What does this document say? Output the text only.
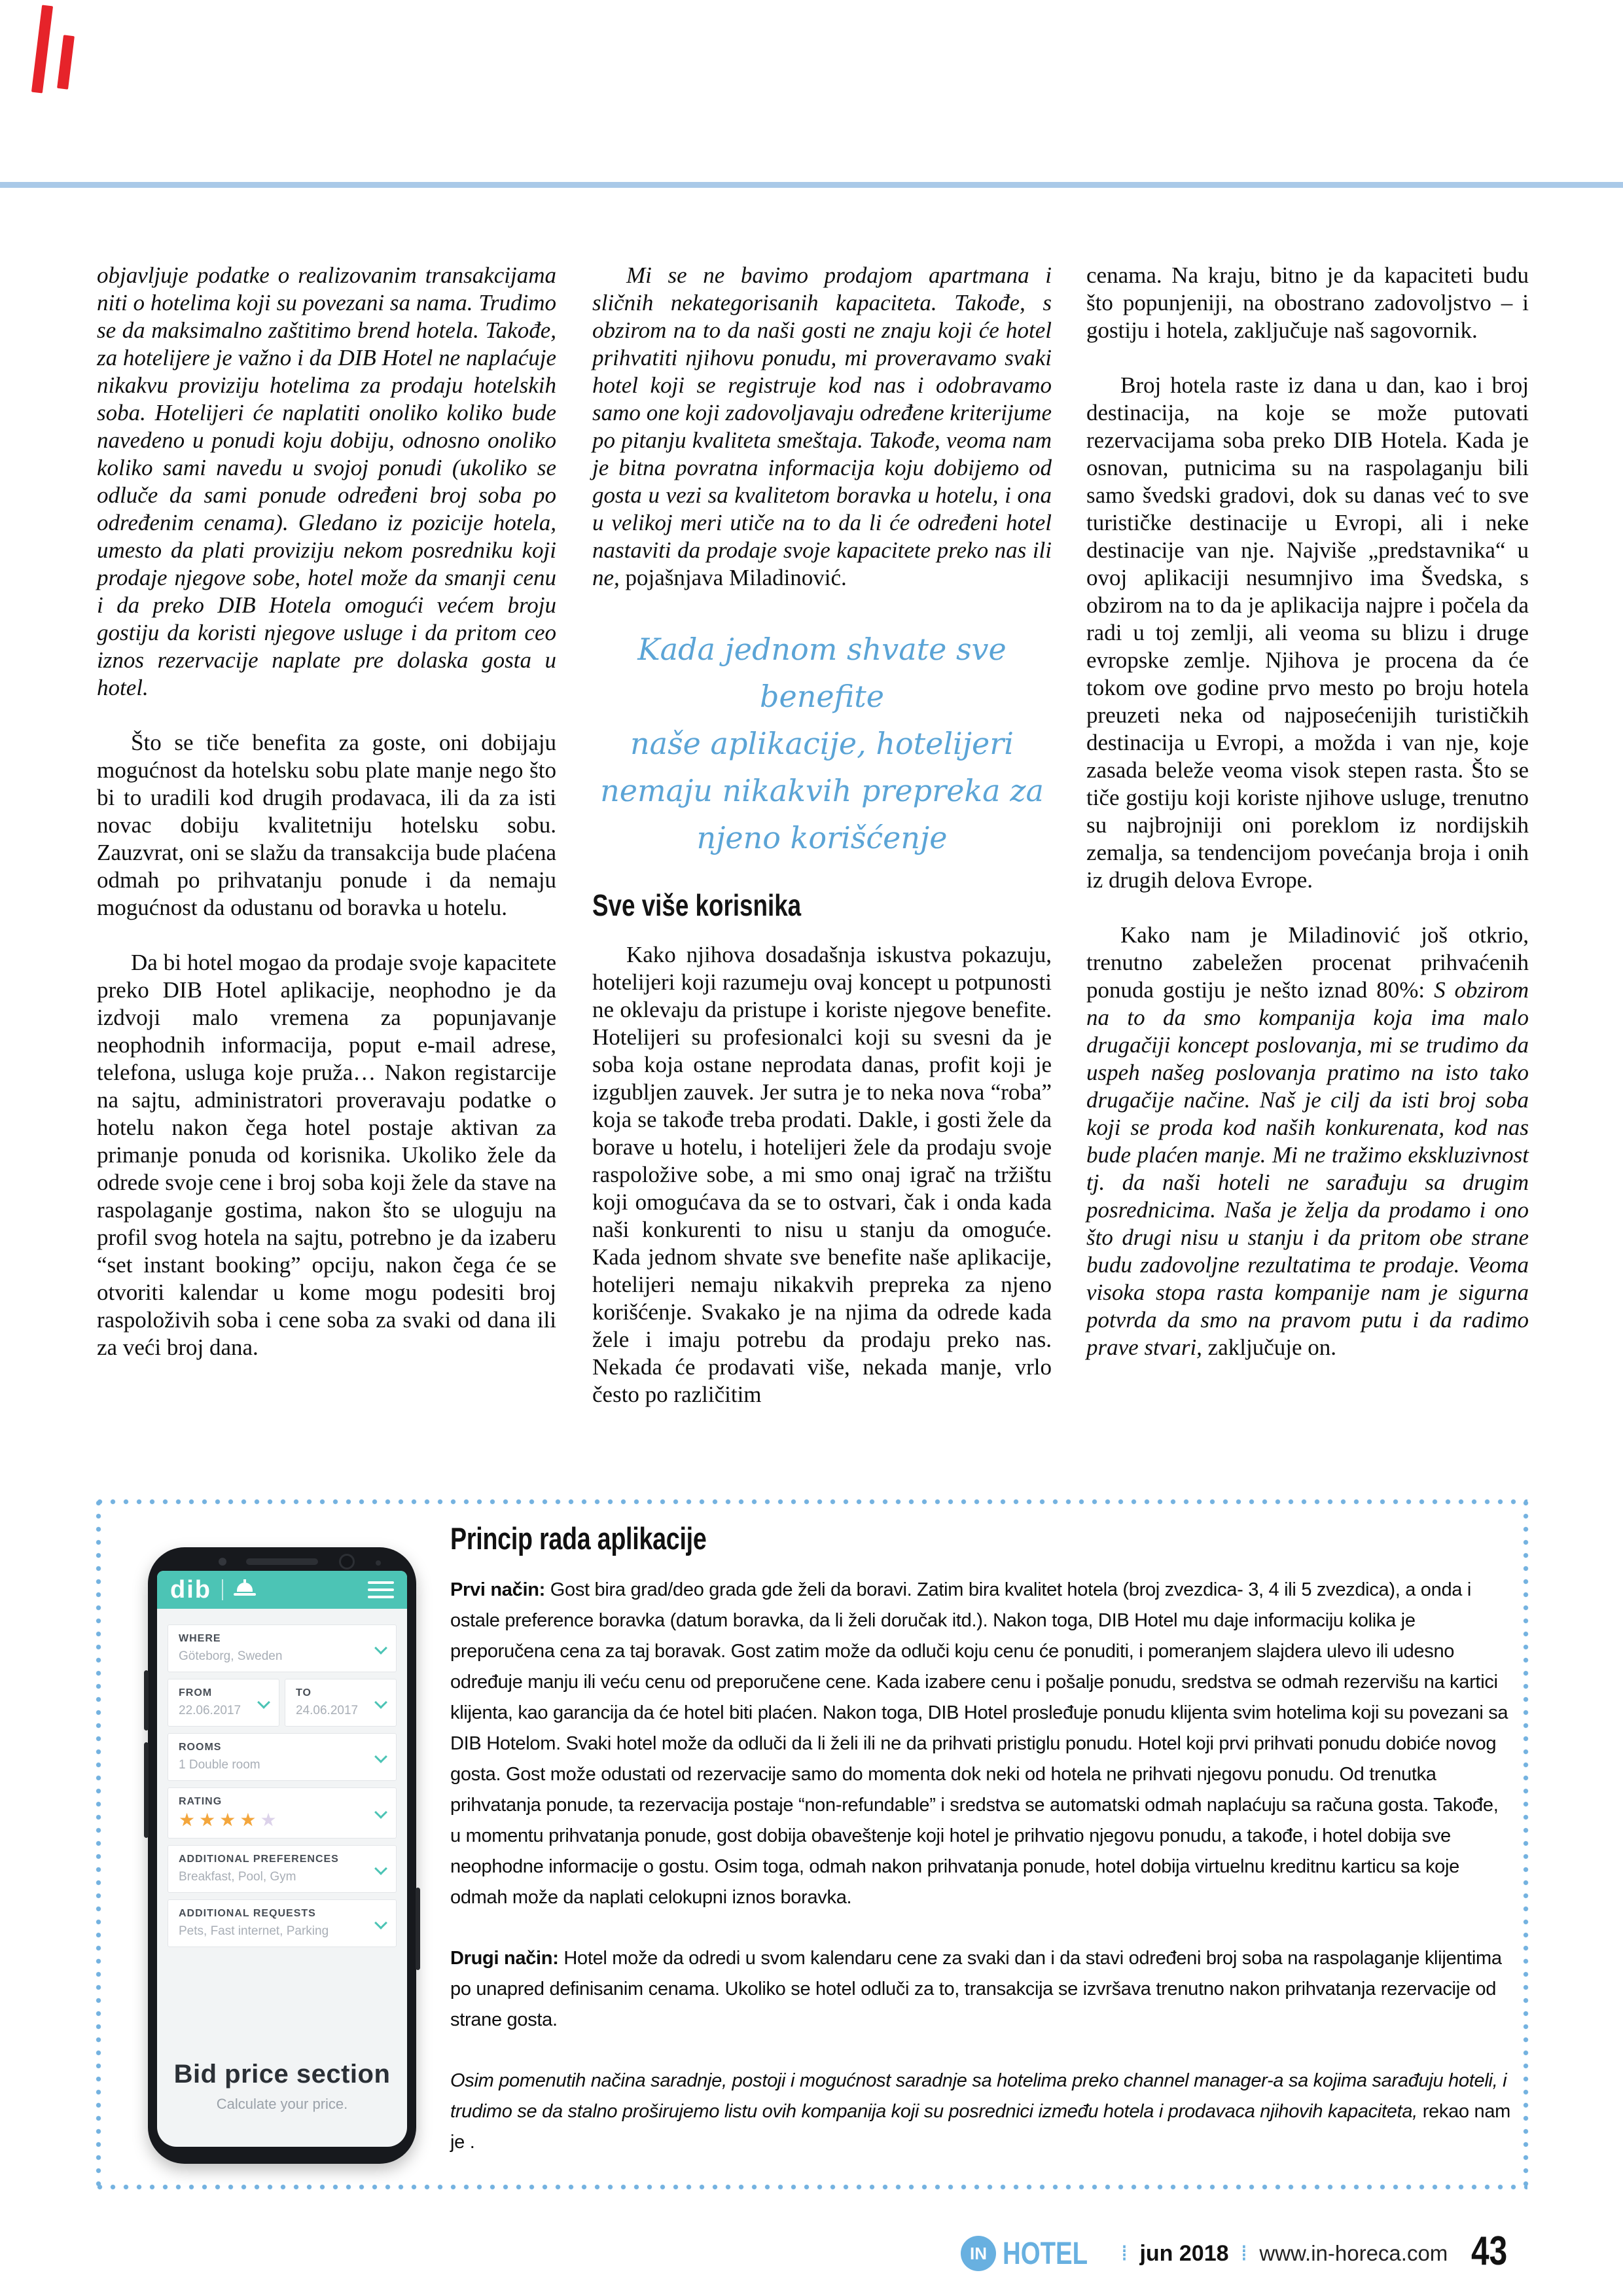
objavljuje podatke o realizovanim transakcijama niti o hotelima koji su povezani sa nama. Trudimo se da maksimalno zaštitimo brend hotela. Takođe, za hotelijere je važno i da DIB Hotel ne naplaćuje nikakvu proviziju hotelima za prodaju hotelskih soba. Hotelijeri će naplatiti onoliko koliko bude navedeno u ponudi koju dobiju, odnosno onoliko koliko sami navedu u svojoj ponudi (ukoliko se odluče da sami ponude određeni broj soba po određenim cenama). Gledano iz pozicije hotela, umesto da plati proviziju nekom posredniku koji prodaje njegove sobe, hotel može da smanji cenu i da preko DIB Hotela omogući većem broju gostiju da koristi njegove usluge i da pritom ceo iznos rezervacije naplate pre dolaska gosta u hotel.

Što se tiče benefita za goste, oni dobijaju mogućnost da hotelsku sobu plate manje nego što bi to uradili kod drugih prodavaca, ili da za isti novac dobiju kvalitetniju hotelsku sobu. Zauzvrat, oni se slažu da transakcija bude plaćena odmah po prihvatanju ponude i da nemaju mogućnost da odustanu od boravka u hotelu.

Da bi hotel mogao da prodaje svoje kapacitete preko DIB Hotel aplikacije, neophodno je da izdvoji malo vremena za popunjavanje neophodnih informacija, poput e-mail adrese, telefona, usluga koje pruža… Nakon registarcije na sajtu, administratori proveravaju podatke o hotelu nakon čega hotel postaje aktivan za primanje ponuda od korisnika. Ukoliko žele da odrede svoje cene i broj soba koji žele da stave na raspolaganje gostima, nakon što se uloguju na profil svog hotela na sajtu, potrebno je da izaberu “set instant booking” opciju, nakon čega će se otvoriti kalendar u kome mogu podesiti broj raspoloživih soba i cene soba za svaki od dana ili za veći broj dana.

Mi se ne bavimo prodajom apartmana i sličnih nekategorisanih kapaciteta. Takođe, s obzirom na to da naši gosti ne znaju koji će hotel prihvatiti njihovu ponudu, mi proveravamo svaki hotel koji se registruje kod nas i odobravamo samo one koji zadovoljavaju određene kriterijume po pitanju kvaliteta smeštaja. Takođe, veoma nam je bitna povratna informacija koju dobijemo od gosta u vezi sa kvalitetom boravka u hotelu, i ona u velikoj meri utiče na to da li će određeni hotel nastaviti da prodaje svoje kapacitete preko nas ili ne, pojašnjava Miladinović.

Kada jednom shvate sve benefite
naše aplikacije, hotelijeri
nemaju nikakvih prepreka za
njeno korišćenje
Sve više korisnika

Kako njihova dosadašnja iskustva pokazuju, hotelijeri koji razumeju ovaj koncept u potpunosti ne oklevaju da pristupe i koriste njegove benefite. Hotelijeri su profesionalci koji su svesni da je soba koja ostane neprodata danas, profit koji je izgubljen zauvek. Jer sutra je to neka nova “roba” koja se takođe treba prodati. Dakle, i gosti žele da borave u hotelu, i hotelijeri žele da prodaju svoje raspoložive sobe, a mi smo onaj igrač na tržištu koji omogućava da se to ostvari, čak i onda kada naši konkurenti to nisu u stanju da omoguće. Kada jednom shvate sve benefite naše aplikacije, hotelijeri nemaju nikakvih prepreka za njeno korišćenje. Svakako je na njima da odrede kada žele i imaju potrebu da prodaju preko nas. Nekada će prodavati više, nekada manje, vrlo često po različitim

cenama. Na kraju, bitno je da kapaciteti budu što popunjeniji, na obostrano zadovoljstvo – i gostiju i hotela, zaključuje naš sagovornik.

Broj hotela raste iz dana u dan, kao i broj destinacija, na koje se može putovati rezervacijama soba preko DIB Hotela. Kada je osnovan, putnicima su na raspolaganju bili samo švedski gradovi, dok su danas već to sve turističke destinacije u Evropi, ali i neke destinacije van nje. Najviše „predstavnika“ u ovoj aplikaciji nesumnjivo ima Švedska, s obzirom na to da je aplikacija najpre i počela da radi u toj zemlji, ali veoma su blizu i druge evropske zemlje. Njihova je procena da će tokom ove godine prvo mesto po broju hotela preuzeti neka od najposećenijih turističkih destinacija u Evropi, a možda i van nje, koje zasada beleže veoma visok stepen rasta. Što se tiče gostiju koji koriste njihove usluge, trenutno su najbrojniji oni poreklom iz nordijskih zemalja, sa tendencijom povećanja broja i onih iz drugih delova Evrope.

Kako nam je Miladinović još otkrio, trenutno zabeležen procenat prihvaćenih ponuda gostiju je nešto iznad 80%: S obzirom na to da smo kompanija koja ima malo drugačiji koncept poslovanja, mi se trudimo da uspeh našeg poslovanja pratimo na isto tako drugačije načine. Naš je cilj da isti broj soba koji se proda kod naših konkurenata, kod nas bude plaćen manje. Mi ne tražimo ekskluzivnost tj. da naši hoteli ne sarađuju sa drugim posrednicima. Naša je želja da prodamo i ono što drugi nisu u stanju i da pritom obe strane budu zadovoljne rezultatima te prodaje. Veoma visoka stopa rasta kompanije nam je sigurna potvrda da smo na pravom putu i da radimo prave stvari, zaključuje on.

dib
WHERE
Göteborg, Sweden
FROM
22.06.2017
TO
24.06.2017
ROOMS
1 Double room
RATING
★★★★★
ADDITIONAL PREFERENCES
Breakfast, Pool, Gym
ADDITIONAL REQUESTS
Pets, Fast internet, Parking
Bid price section
Calculate your price.
Princip rada aplikacije

Prvi način: Gost bira grad/deo grada gde želi da boravi. Zatim bira kvalitet hotela (broj zvezdica- 3, 4 ili 5 zvezdica), a onda i ostale preference boravka (datum boravka, da li želi doručak itd.). Nakon toga, DIB Hotel mu daje informaciju kolika je preporučena cena za taj boravak. Gost zatim može da odluči koju cenu će ponuditi, i pomeranjem slajdera ulevo ili udesno određuje manju ili veću cenu od preporučene cene. Kada izabere cenu i pošalje ponudu, sredstva se odmah rezervišu na kartici klijenta, kao garancija da će hotel biti plaćen. Nakon toga, DIB Hotel prosleđuje ponudu klijenta svim hotelima koji su povezani sa DIB Hotelom. Svaki hotel može da odluči da li želi ili ne da prihvati pristiglu ponudu. Hotel koji prvi prihvati ponudu dobiće novog gosta. Gost može odustati od rezervacije samo do momenta dok neki od hotela ne prihvati njegovu ponudu. Od trenutka prihvatanja ponude, ta rezervacija postaje “non-refundable” i sredstva se automatski odmah naplaćuju sa računa gosta. Takođe, u momentu prihvatanja ponude, gost dobija obaveštenje koji hotel je prihvatio njegovu ponudu, a takođe, i hotel dobija sve neophodne informacije o gostu. Osim toga, odmah nakon prihvatanja ponude, hotel dobija virtuelnu kreditnu karticu sa koje odmah može da naplati celokupni iznos boravka.

Drugi način: Hotel može da odredi u svom kalendaru cene za svaki dan i da stavi određeni broj soba na raspolaganje klijentima po unapred definisanim cenama. Ukoliko se hotel odluči za to, transakcija se izvršava trenutno nakon prihvatanja rezervacije od strane gosta.

Osim pomenutih načina saradnje, postoji i mogućnost saradnje sa hotelima preko channel manager-a sa kojima sarađuju hoteli, i trudimo se da stalno proširujemo listu ovih kompanija koji su posrednici između hotela i prodavaca njihovih kapaciteta, rekao nam je .

IN HOTEL	⁞ jun 2018 ⁞ www.in-horeca.com 43
